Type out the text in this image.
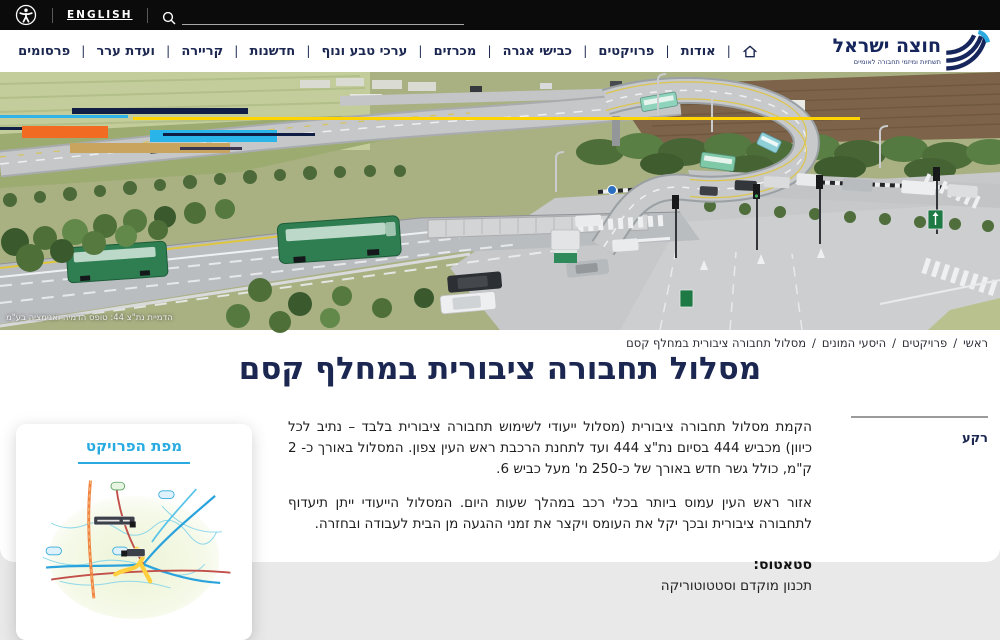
ENGLISH
|
אודות
|
פרויקטים
|
כבישי אגרה
|
מכרזים
|
ערכי טבע ונוף
|
חדשנות
|
קריירה
|
ועדת ערר
|
פרסומים	חוצה ישראל
תשתיות ומיזמי תחבורה לאומיים
הדמיית נת"צ 44: טופס הדמיה ואנימציה בע"מ
ראשי
/
פרויקטים
/
היסעי המונים
/
מסלול תחבורה ציבורית במחלף קסם
מסלול תחבורה ציבורית במחלף קסם

הקמת מסלול תחבורה ציבורית (מסלול ייעודי לשימוש תחבורה ציבורית בלבד – נתיב לכל כיוון) מכביש 444 בסיום נת"צ 444 ועד לתחנת הרכבת ראש העין צפון. המסלול באורך כ- 2 ק"מ, כולל גשר חדש באורך של כ-250 מ' מעל כביש 6.

אזור ראש העין עמוס ביותר בכלי רכב במהלך שעות היום. המסלול הייעודי ייתן תיעדוף לתחבורה ציבורית ובכך יקל את העומס ויקצר את זמני ההגעה מן הבית לעבודה ובחזרה.

סטאטוס:

תכנון מוקדם וסטטוטוריקה

רקע
מפת הפרויקט
